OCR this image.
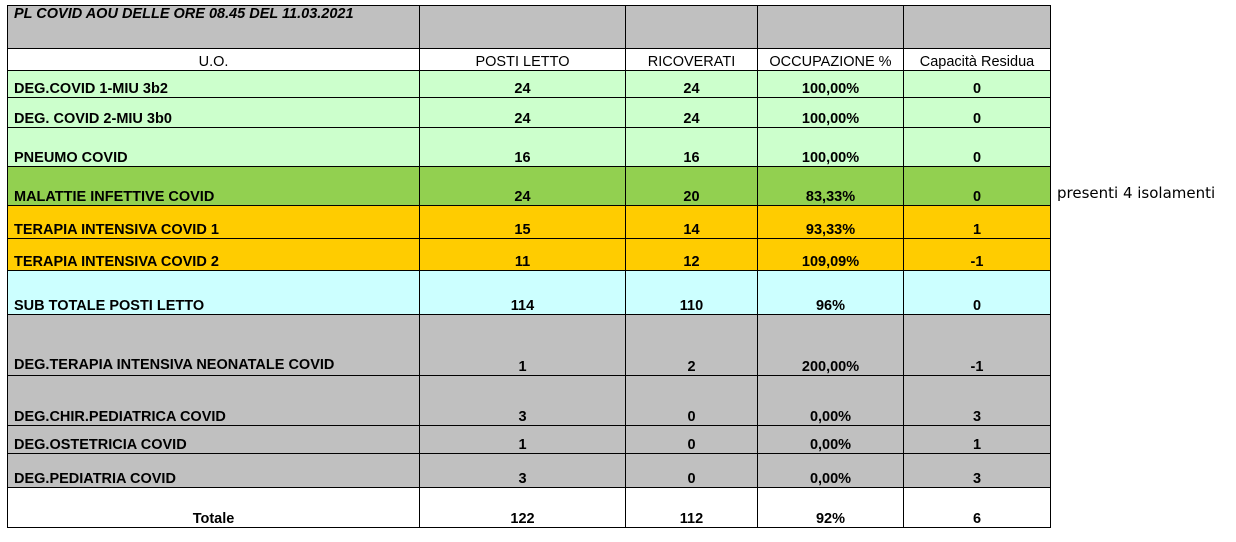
PL COVID AOU DELLE ORE 08.45 DEL 11.03.2021				
U.O.	POSTI LETTO	RICOVERATI	OCCUPAZIONE %	Capacità Residua
DEG.COVID 1-MIU 3b2	24	24	100,00%	0
DEG. COVID 2-MIU 3b0	24	24	100,00%	0
PNEUMO COVID	16	16	100,00%	0
MALATTIE INFETTIVE COVID	24	20	83,33%	0
TERAPIA INTENSIVA COVID 1	15	14	93,33%	1
TERAPIA INTENSIVA COVID 2	11	12	109,09%	-1
SUB TOTALE POSTI LETTO	114	110	96%	0
DEG.TERAPIA INTENSIVA NEONATALE COVID	1	2	200,00%	-1
DEG.CHIR.PEDIATRICA COVID	3	0	0,00%	3
DEG.OSTETRICIA COVID	1	0	0,00%	1
DEG.PEDIATRIA COVID	3	0	0,00%	3
Totale	122	112	92%	6
presenti 4 isolamenti
